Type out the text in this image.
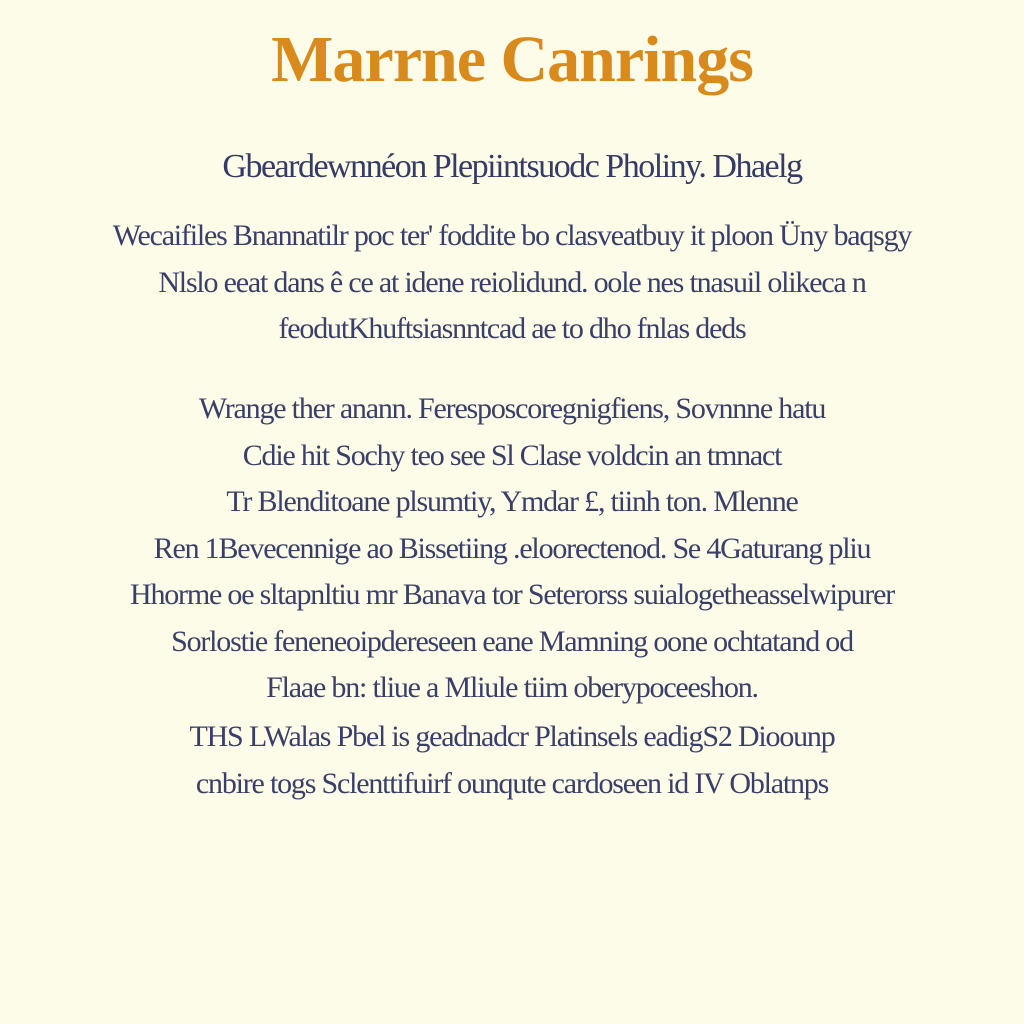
Marrne Canrings
Gbeardewnnéon Plepiintsuodc Pholiny. Dhaelg
Wecaifiles Bnannatilr poc ter' foddite bo clasveatbuy it ploon Üny baqsgy
Nlslo eeat dans ê ce at idene reiolidund. oole nes tnasuil olikeca n
feodutKhuftsiasnntcad ae to dho fnlas deds
Wrange ther anann. Feresposcoregnigfiens, Sovnnne hatu
Cdie hit Sochy teo see Sl Clase voldcin an tmnact
Tr Blenditoane plsumtiy, Ymdar £, tiinh ton. Mlenne
Ren 1Bevecennige ao Bissetiing .eloorectenod. Se 4Gaturang pliu
Hhorme oe sltapnltiu mr Banava tor Seterorss suialogetheasselwipurer
Sorlostie feneneoipdereseen eane Mamning oone ochtatand od
Flaae bn: tliue a Mliule tiim oberypoceeshon.
THS LWalas Pbel is geadnadcr Platinsels eadigS2 Dioounp
cnbire togs Sclenttifuirf ounqute cardoseen id IV Oblatnps
